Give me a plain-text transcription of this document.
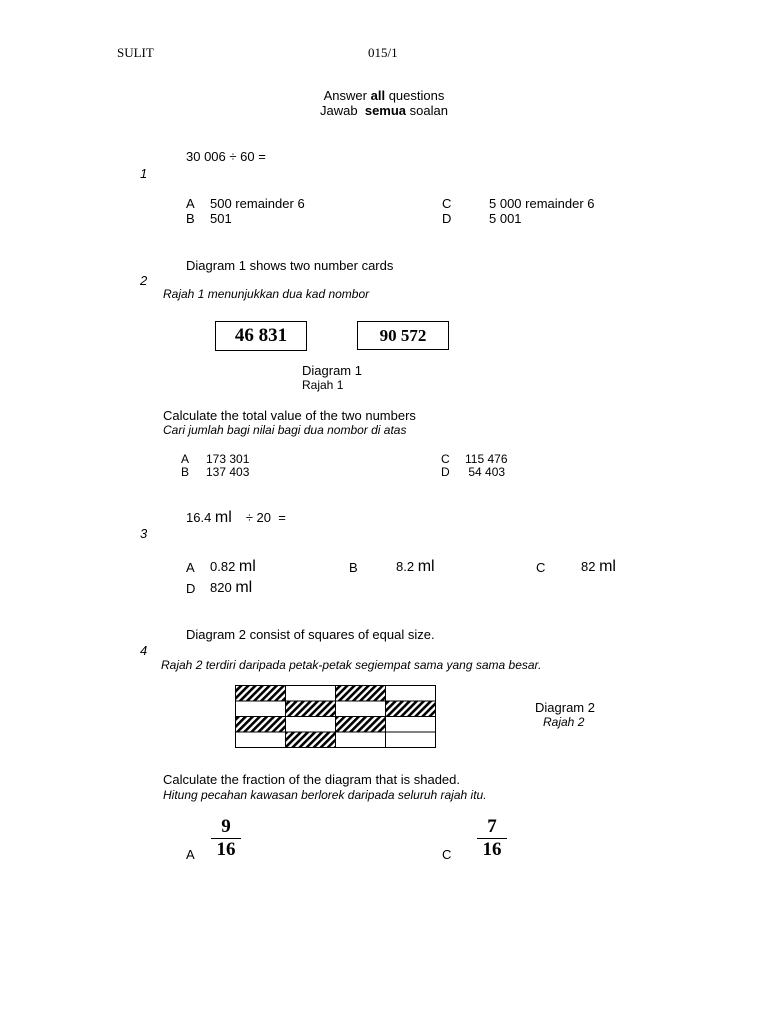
SULIT	015/1
Answer all questions
Jawab  semua soalan
1
30 006 ÷ 60 =
A 500 remainder 6
B 501
C	5 000 remainder 6
D	5 001
2
Diagram 1 shows two number cards
Rajah 1 menunjukkan dua kad nombor
46 831	90 572
Diagram 1
Rajah 1
Calculate the total value of the two numbers
Cari jumlah bagi nilai bagi dua nombor di atas
A 173 301
B 137 403
C 115 476
D 54 403
3
16.4 ml ÷ 20  =
A 0.82 ml	B	8.2 ml	C	82 ml
D 820 ml
4
Diagram 2 consist of squares of equal size.
Rajah 2 terdiri daripada petak-petak segiempat sama yang sama besar.
Diagram 2
Rajah 2
Calculate the fraction of the diagram that is shaded.
Hitung pecahan kawasan berlorek daripada seluruh rajah itu.
A
9
16	C
7
16
